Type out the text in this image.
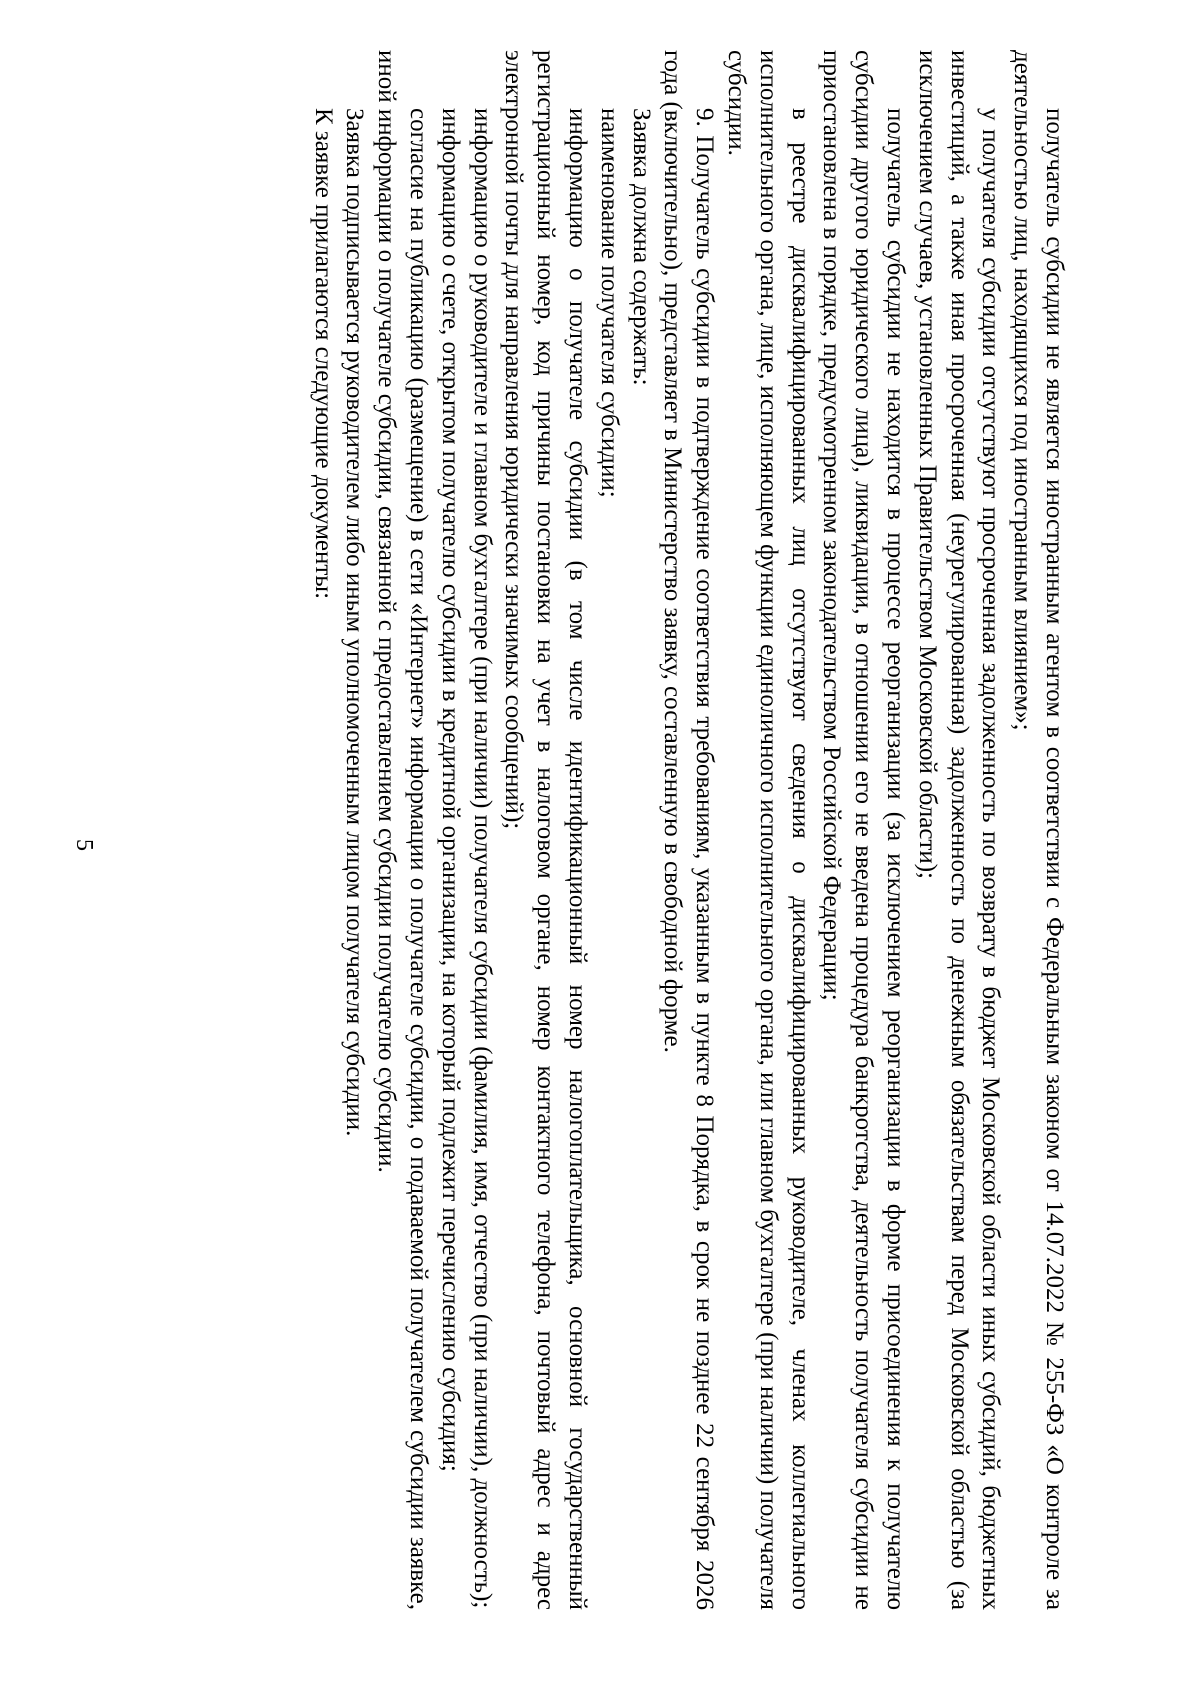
5	получатель субсидии не является иностранным агентом в соответствии с Федеральным законом от 14.07.2022 № 255-ФЗ «О контроле за деятельностью лиц, находящихся под иностранным влиянием»;

у получателя субсидии отсутствуют просроченная задолженность по возврату в бюджет Московской области иных субсидий, бюджетных инвестиций, а также иная просроченная (неурегулированная) задолженность по денежным обязательствам перед Московской областью (за исключением случаев, установленных Правительством Московской области);

получатель субсидии не находится в процессе реорганизации (за исключением реорганизации в форме присоединения к получателю субсидии другого юридического лица), ликвидации, в отношении его не введена процедура банкротства, деятельность получателя субсидии не приостановлена в порядке, предусмотренном законодательством Российской Федерации;

в реестре дисквалифицированных лиц отсутствуют сведения о дисквалифицированных руководителе, членах коллегиального исполнительного органа, лице, исполняющем функции единоличного исполнительного органа, или главном бухгалтере (при наличии) получателя субсидии.

9. Получатель субсидии в подтверждение соответствия требованиям, указанным в пункте 8 Порядка, в срок не позднее 22 сентября 2026 года (включительно), представляет в Министерство заявку, составленную в свободной форме.

Заявка должна содержать:

наименование получателя субсидии;

информацию о получателе субсидии (в том числе идентификационный номер налогоплательщика, основной государственный регистрационный номер, код причины постановки на учет в налоговом органе, номер контактного телефона, почтовый адрес и адрес электронной почты для направления юридически значимых сообщений);

информацию о руководителе и главном бухгалтере (при наличии) получателя субсидии (фамилия, имя, отчество (при наличии), должность);

информацию о счете, открытом получателю субсидии в кредитной организации, на который подлежит перечислению субсидия;

согласие на публикацию (размещение) в сети «Интернет» информации о получателе субсидии, о подаваемой получателем субсидии заявке, иной информации о получателе субсидии, связанной с предоставлением субсидии получателю субсидии.

Заявка подписывается руководителем либо иным уполномоченным лицом получателя субсидии.

К заявке прилагаются следующие документы:
